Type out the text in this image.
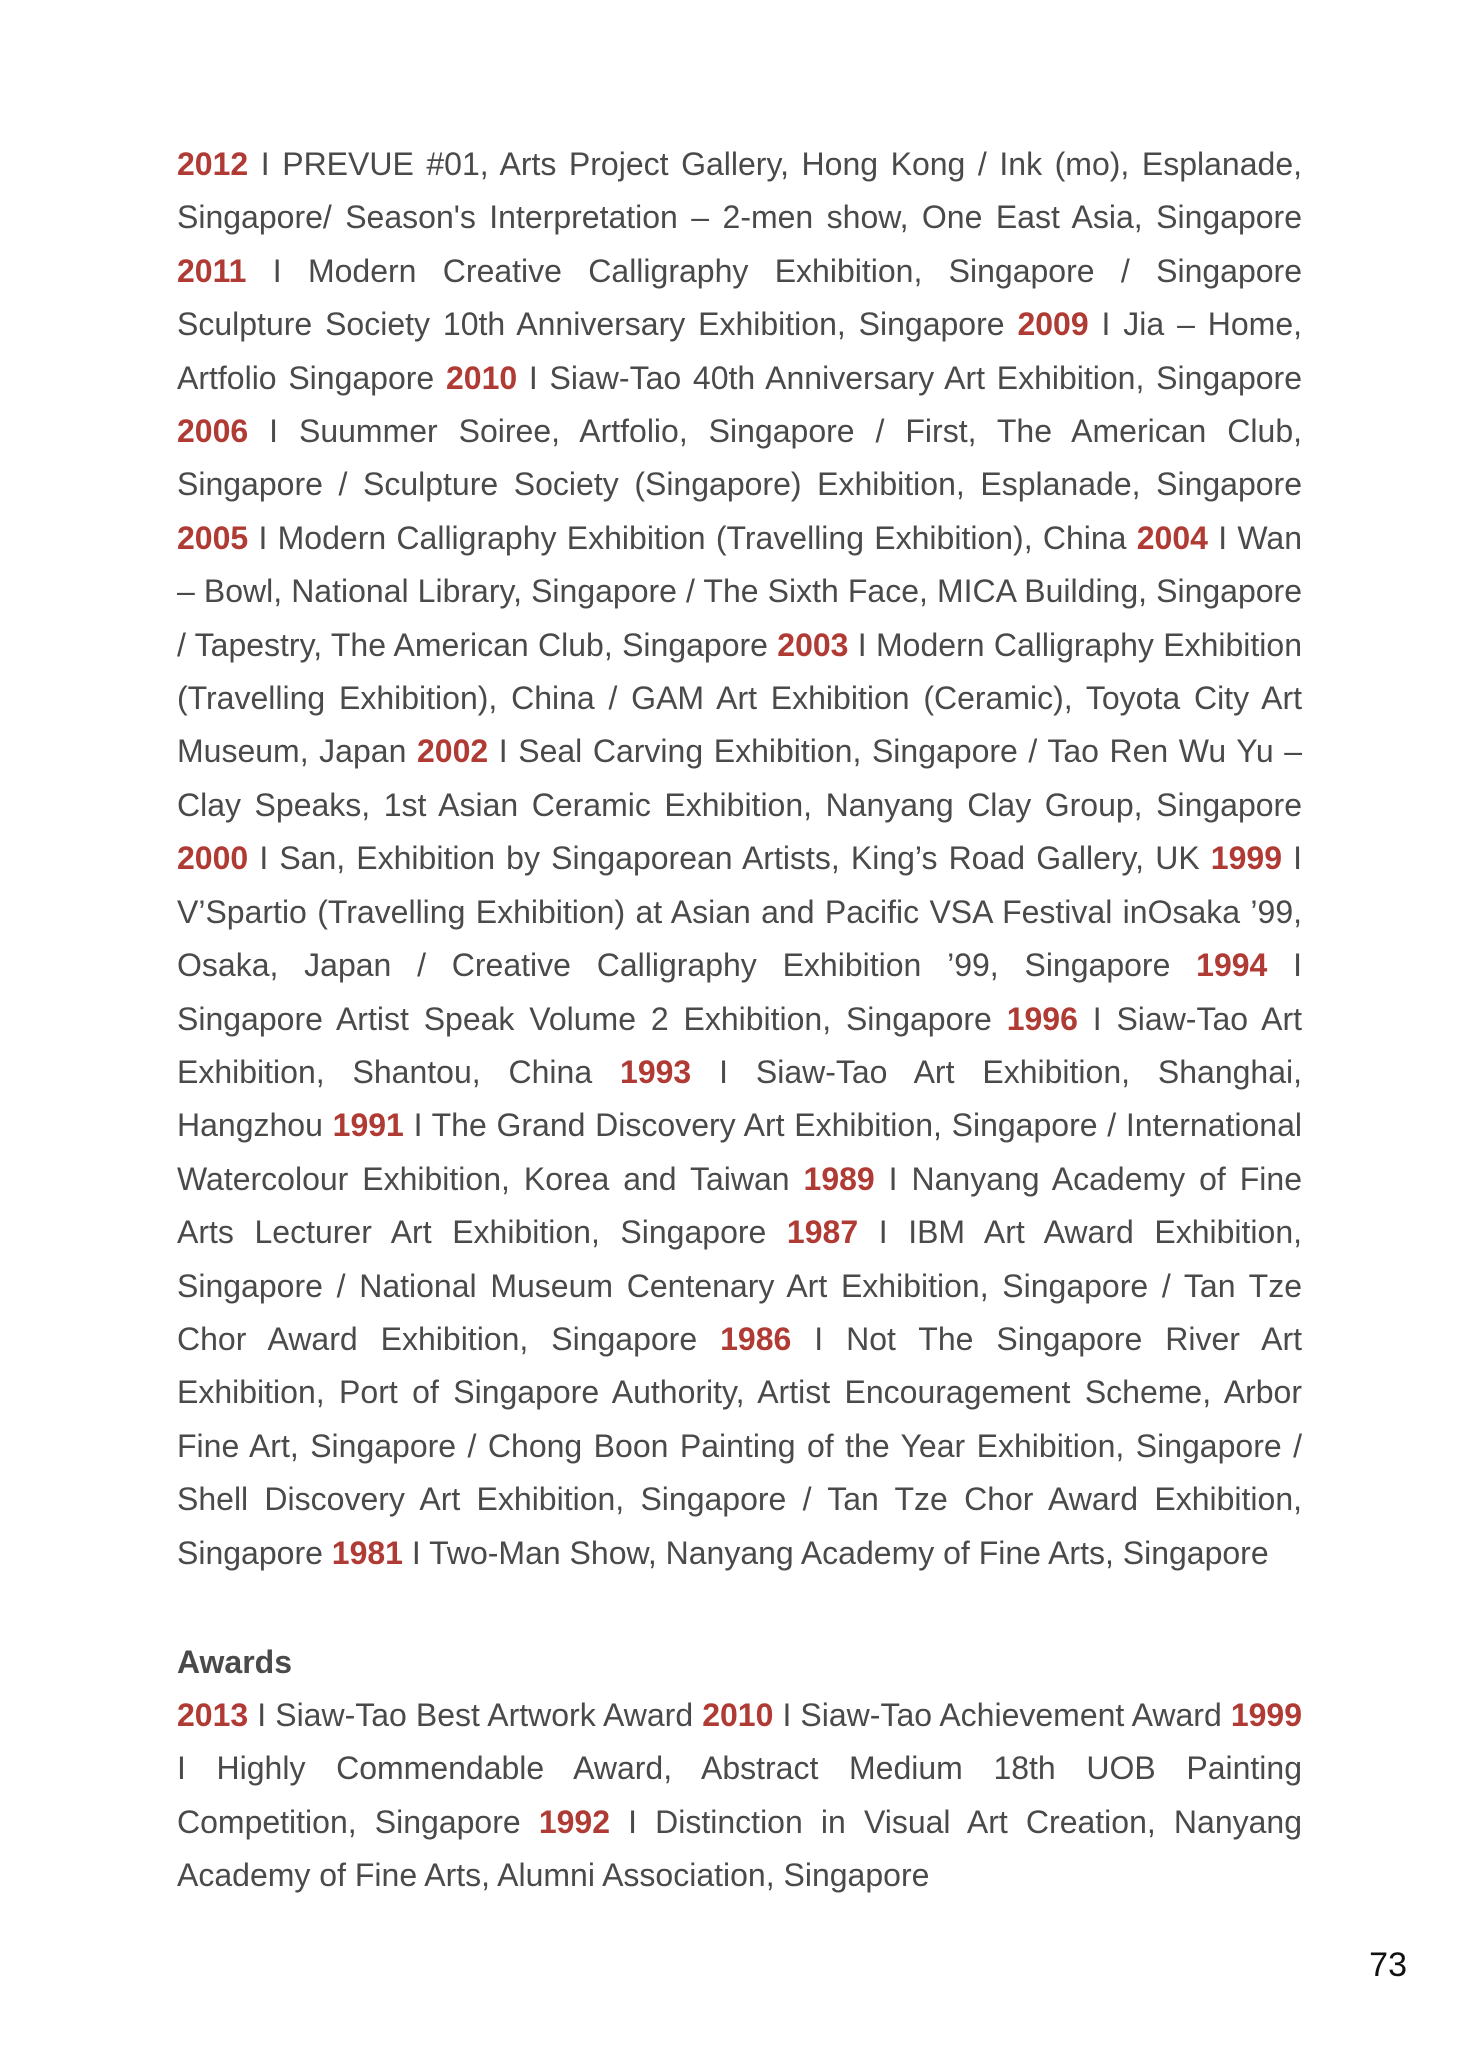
2012 I PREVUE #01, Arts Project Gallery, Hong Kong / Ink (mo), Esplanade, Singapore/ Season's Interpretation – 2-men show, One East Asia, Singapore 2011 I Modern Creative Calligraphy Exhibition, Singapore / Singapore Sculpture Society 10th Anniversary Exhibition, Singapore 2009 I Jia – Home, Artfolio Singapore 2010 I Siaw-Tao 40th Anniversary Art Exhibition, Singapore 2006 I Suummer Soiree, Artfolio, Singapore / First, The American Club, Singapore / Sculpture Society (Singapore) Exhibition, Esplanade, Singapore 2005 I Modern Calligraphy Exhibition (Travelling Exhibition), China 2004 I Wan – Bowl, National Library, Singapore / The Sixth Face, MICA Building, Singapore / Tapestry, The American Club, Singapore 2003 I Modern Calligraphy Exhibition (Travelling Exhibition), China / GAM Art Exhibition (Ceramic), Toyota City Art Museum, Japan 2002 I Seal Carving Exhibition, Singapore / Tao Ren Wu Yu – Clay Speaks, 1st Asian Ceramic Exhibition, Nanyang Clay Group, Singapore 2000 I San, Exhibition by Singaporean Artists, King’s Road Gallery, UK 1999 I V’Spartio (Travelling Exhibition) at Asian and Pacific VSA Festival inOsaka ’99, Osaka, Japan / Creative Calligraphy Exhibition ’99, Singapore 1994 I Singapore Artist Speak Volume 2 Exhibition, Singapore 1996 I Siaw-Tao Art Exhibition, Shantou, China 1993 I Siaw-Tao Art Exhibition, Shanghai, Hangzhou 1991 I The Grand Discovery Art Exhibition, Singapore / International Watercolour Exhibition, Korea and Taiwan 1989 I Nanyang Academy of Fine Arts Lecturer Art Exhibition, Singapore 1987 I IBM Art Award Exhibition, Singapore / National Museum Centenary Art Exhibition, Singapore / Tan Tze Chor Award Exhibition, Singapore 1986 I Not The Singapore River Art Exhibition, Port of Singapore Authority, Artist Encouragement Scheme, Arbor Fine Art, Singapore / Chong Boon Painting of the Year Exhibition, Singapore / Shell Discovery Art Exhibition, Singapore / Tan Tze Chor Award Exhibition, Singapore 1981 I Two-Man Show, Nanyang Academy of Fine Arts, Singapore

Awards

2013 I Siaw-Tao Best Artwork Award 2010 I Siaw-Tao Achievement Award 1999 I Highly Commendable Award, Abstract Medium 18th UOB Painting Competition, Singapore 1992 I Distinction in Visual Art Creation, Nanyang Academy of Fine Arts, Alumni Association, Singapore

73
